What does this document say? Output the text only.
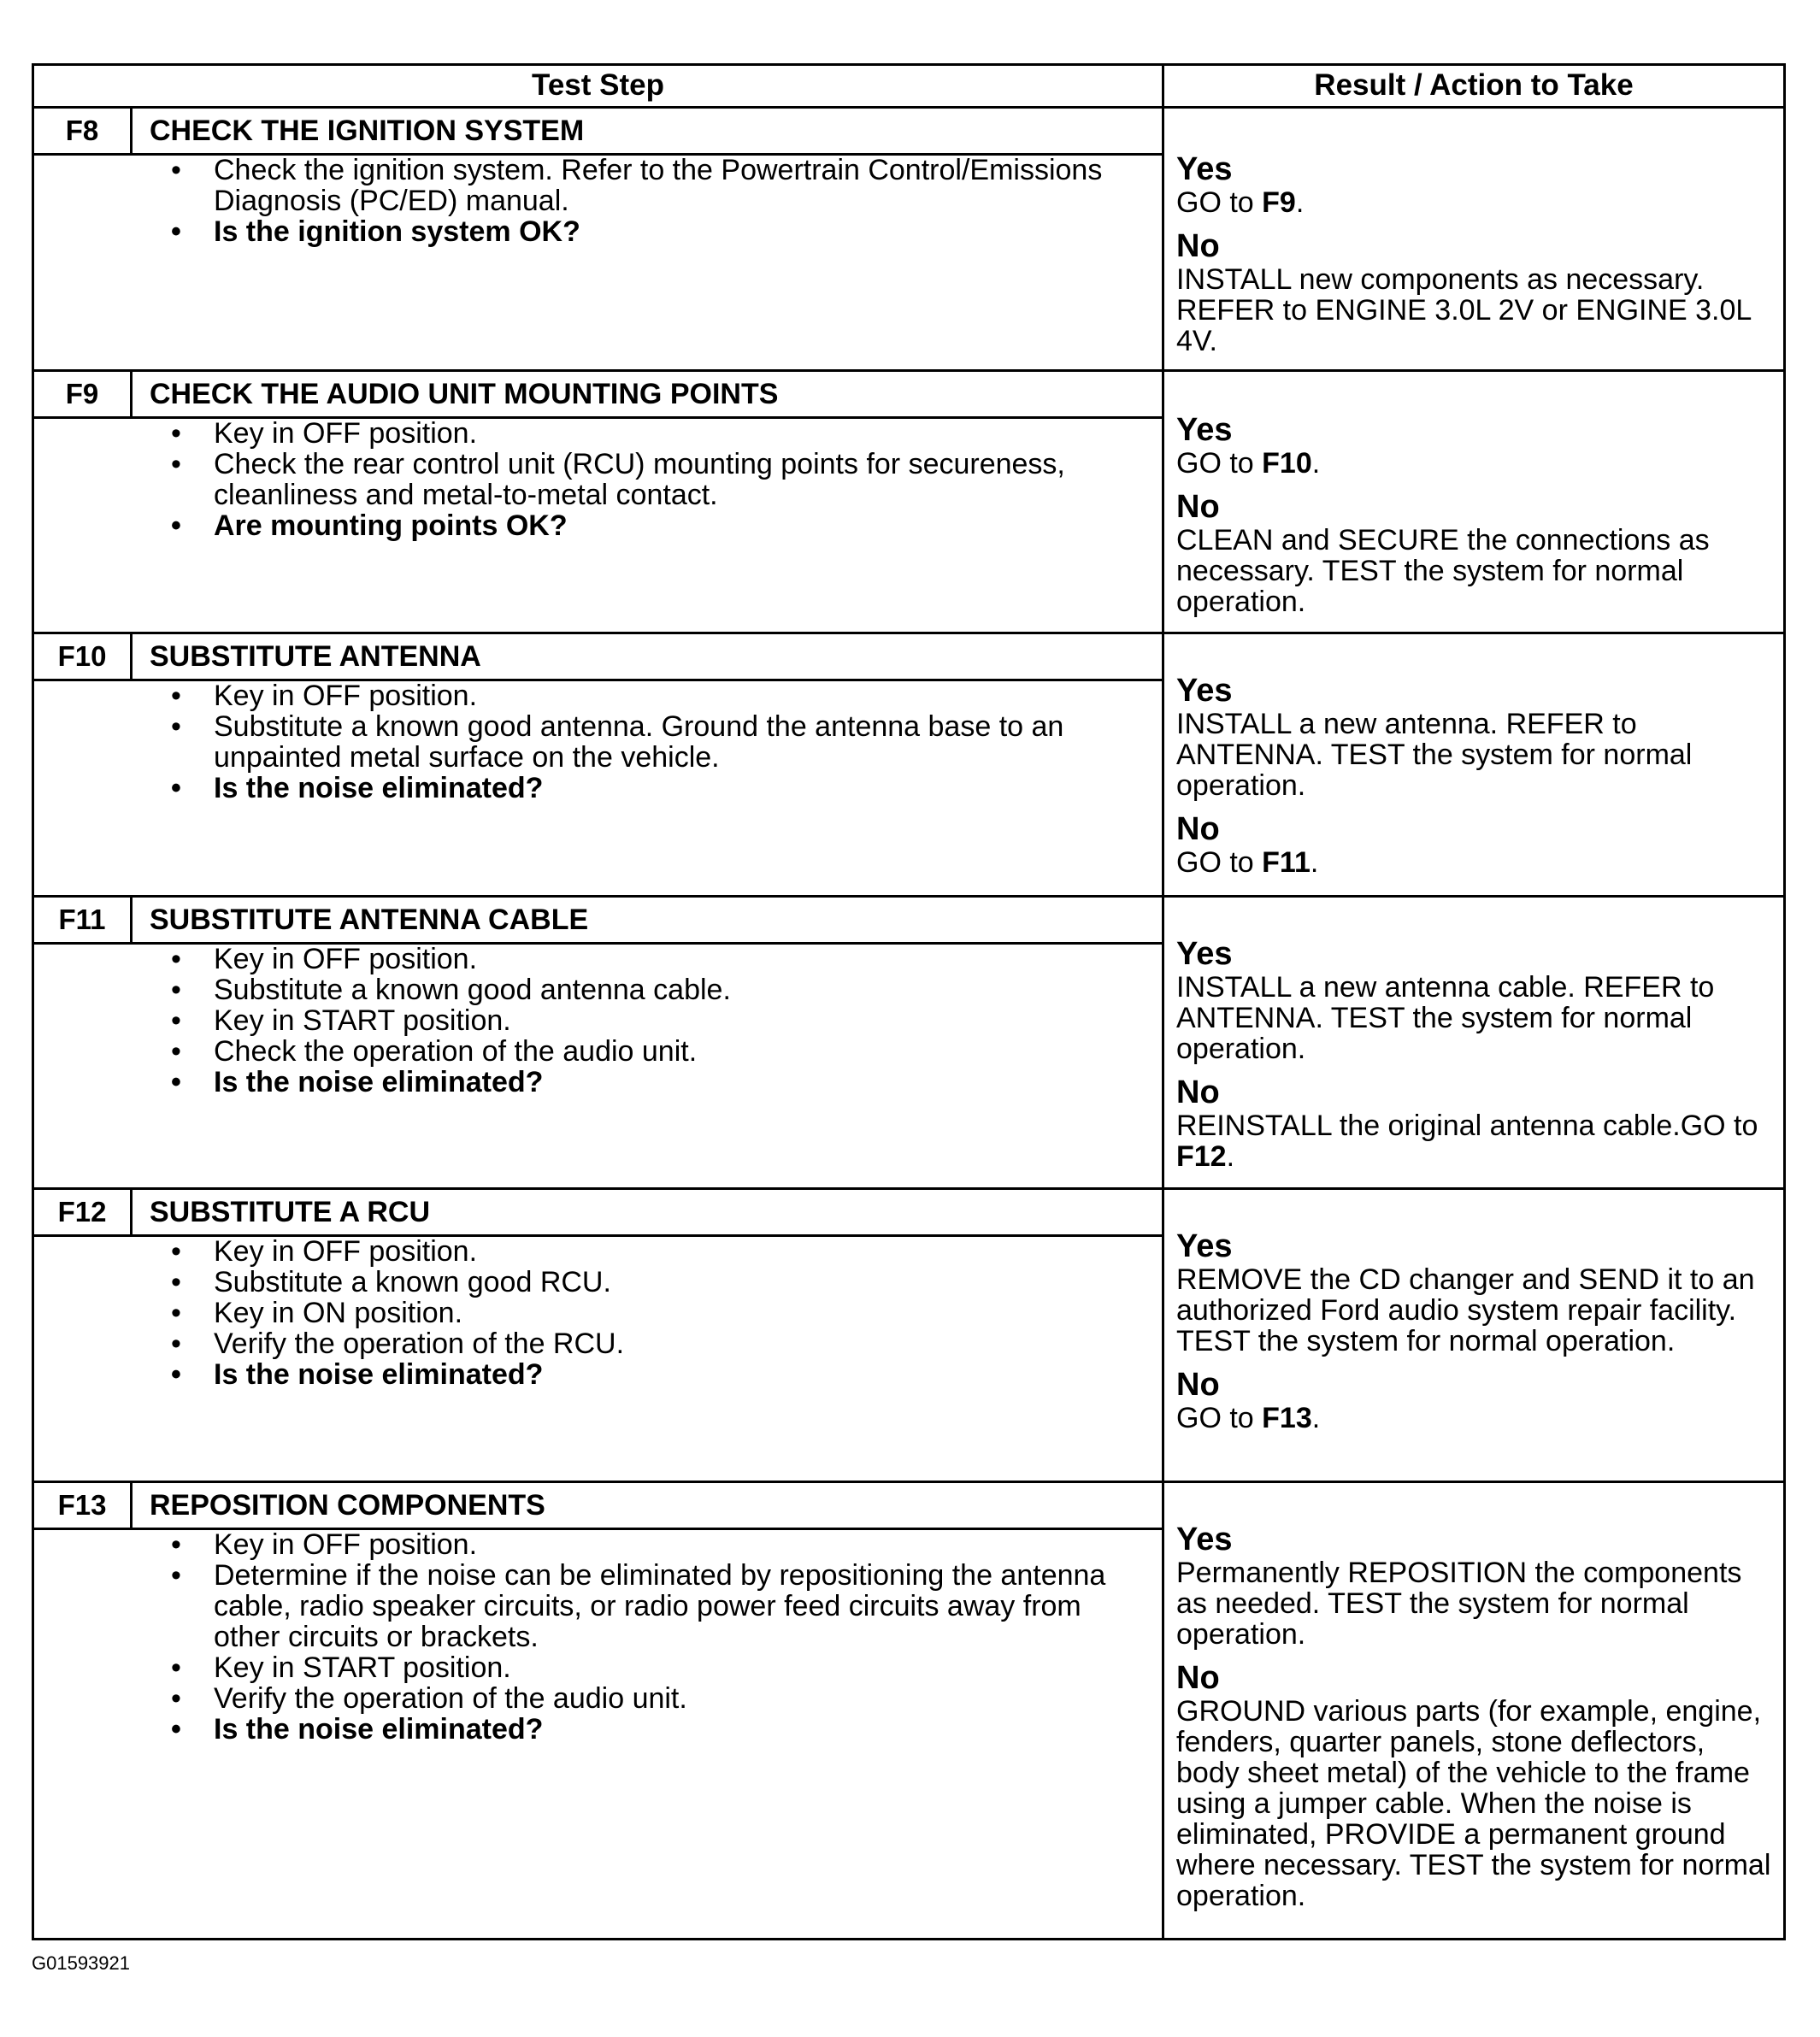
Test Step	Result / Action to Take
F8	CHECK THE IGNITION SYSTEM
• Check the ignition system. Refer to the Powertrain Control/Emissions Diagnosis (PC/ED) manual.
• Is the ignition system OK?
Yes
GO to F9.
No
INSTALL new components as necessary. REFER to ENGINE 3.0L 2V or ENGINE 3.0L 4V.
F9	CHECK THE AUDIO UNIT MOUNTING POINTS
• Key in OFF position.
• Check the rear control unit (RCU) mounting points for secureness, cleanliness and metal-to-metal contact.
• Are mounting points OK?
Yes
GO to F10.
No
CLEAN and SECURE the connections as necessary. TEST the system for normal operation.
F10	SUBSTITUTE ANTENNA
• Key in OFF position.
• Substitute a known good antenna. Ground the antenna base to an unpainted metal surface on the vehicle.
• Is the noise eliminated?
Yes
INSTALL a new antenna. REFER to ANTENNA. TEST the system for normal operation.
No
GO to F11.
F11	SUBSTITUTE ANTENNA CABLE
• Key in OFF position.
• Substitute a known good antenna cable.
• Key in START position.
• Check the operation of the audio unit.
• Is the noise eliminated?
Yes
INSTALL a new antenna cable. REFER to ANTENNA. TEST the system for normal operation.
No
REINSTALL the original antenna cable.GO to F12.
F12	SUBSTITUTE A RCU
• Key in OFF position.
• Substitute a known good RCU.
• Key in ON position.
• Verify the operation of the RCU.
• Is the noise eliminated?
Yes
REMOVE the CD changer and SEND it to an authorized Ford audio system repair facility. TEST the system for normal operation.
No
GO to F13.
F13	REPOSITION COMPONENTS
• Key in OFF position.
• Determine if the noise can be eliminated by repositioning the antenna cable, radio speaker circuits, or radio power feed circuits away from other circuits or brackets.
• Key in START position.
• Verify the operation of the audio unit.
• Is the noise eliminated?
Yes
Permanently REPOSITION the components as needed. TEST the system for normal operation.
No
GROUND various parts (for example, engine, fenders, quarter panels, stone deflectors, body sheet metal) of the vehicle to the frame using a jumper cable. When the noise is eliminated, PROVIDE a permanent ground where necessary. TEST the system for normal operation.
G01593921
